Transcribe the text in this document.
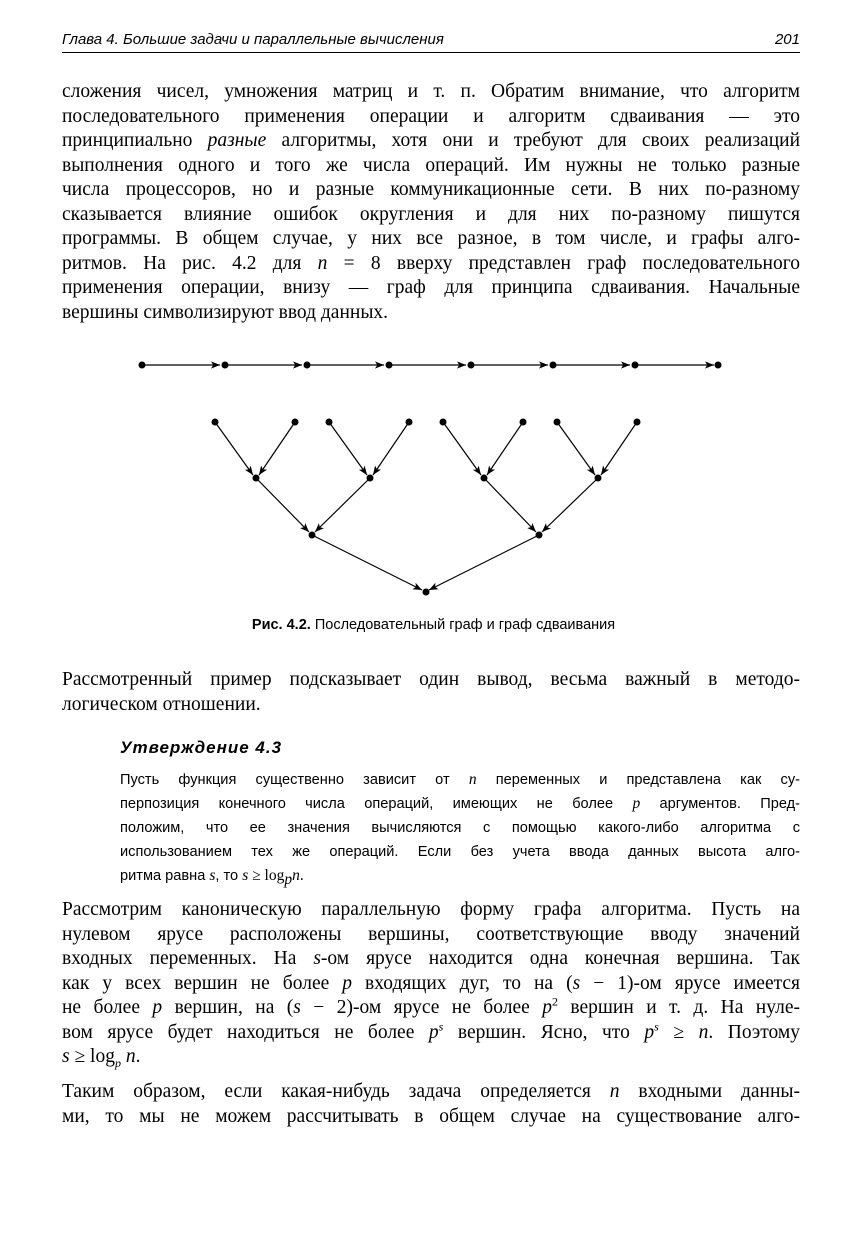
Глава 4. Большие задачи и параллельные вычисления	201
сложения чисел, умножения матриц и т. п. Обратим внимание, что алгоритм
последовательного применения операции и алгоритм сдваивания — это
принципиально разные алгоритмы, хотя они и требуют для своих реализаций
выполнения одного и того же числа операций. Им нужны не только разные
числа процессоров, но и разные коммуникационные сети. В них по-разному
сказывается влияние ошибок округления и для них по-разному пишутся
программы. В общем случае, у них все разное, в том числе, и графы алго-
ритмов. На рис. 4.2 для n = 8 вверху представлен граф последовательного
применения операции, внизу — граф для принципа сдваивания. Начальные
вершины символизируют ввод данных.
Рис. 4.2. Последовательный граф и граф сдваивания
Рассмотренный пример подсказывает один вывод, весьма важный в методо-
логическом отношении.
Утверждение 4.3
Пусть функция существенно зависит от n переменных и представлена как су-
перпозиция конечного числа операций, имеющих не более p аргументов. Пред-
положим, что ее значения вычисляются с помощью какого-либо алгоритма с
использованием тех же операций. Если без учета ввода данных высота алго-
ритма равна s, то $s \ge \log_pn$.
Рассмотрим каноническую параллельную форму графа алгоритма. Пусть на
нулевом ярусе расположены вершины, соответствующие вводу значений
входных переменных. На s-ом ярусе находится одна конечная вершина. Так
как у всех вершин не более p входящих дуг, то на (s − 1)-ом ярусе имеется
не более p вершин, на (s − 2)-ом ярусе не более $p^2$ вершин и т. д. На нуле-
вом ярусе будет находиться не более $p^s$ вершин. Ясно, что $p^s \ge n$. Поэтому
$s \ge \log_p n$.
Таким образом, если какая-нибудь задача определяется n входными данны-
ми, то мы не можем рассчитывать в общем случае на существование алго-
